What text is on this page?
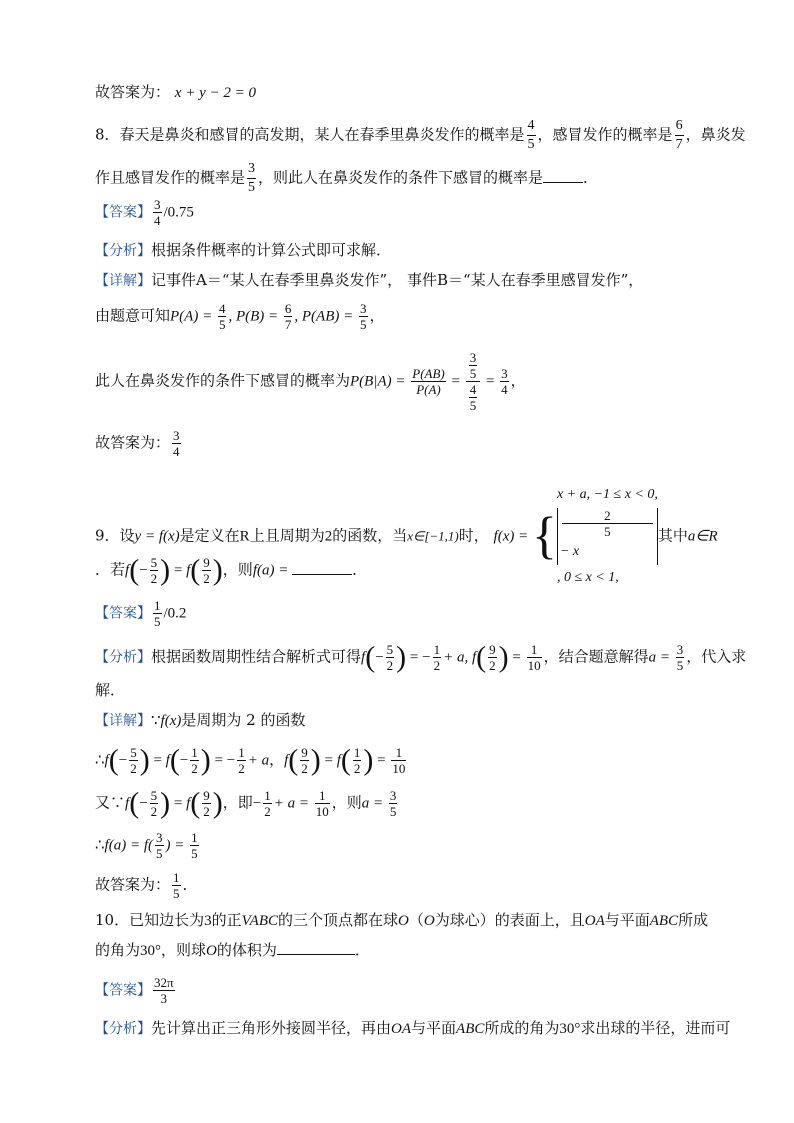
故答案为： x + y − 2 = 0
8．春天是鼻炎和感冒的高发期，某人在春季里鼻炎发作的概率是 $\frac{4}{5}$ ，感冒发作的概率是 $\frac{6}{7}$ ，鼻炎发
作且感冒发作的概率是 $\frac{3}{5}$ ，则此人在鼻炎发作的条件下感冒的概率是	．
【答案】 $\frac{3}{4} /0.75$
【分析】根据条件概率的计算公式即可求解．
【详解】记事件A＝“某人在春季里鼻炎发作”， 事件B＝“某人在春季里感冒发作”，
由题意可知$P(A) = \frac{4}{5}$ , $P(B) = \frac{6}{7}$ , $P(AB) = \frac{3}{5}$ ，
此人在鼻炎发作的条件下感冒的概率为$P(B|A) = \frac{P(AB)}{P(A)} = \frac{\frac{3}{5}}{\frac{4}{5}} = \frac{3}{4}$ ，
故答案为： $\frac{3}{4}$
9．设y = f(x)是定义在R上且周期为2的函数，当x∈[−1,1)时， f(x) = {
x + a, −1 ≤ x < 0,
2
5
− x
, 0 ≤ x < 1,
其中a∈R
．若$f(- \frac{5}{2}$ ) = $f( \frac{9}{2}$ )，则f(a) =	．
【答案】 $\frac{1}{5} /0.2$
【分析】根据函数周期性结合解析式可得$f(- \frac{5}{2}$ ) = − $\frac{1}{2} + a$, $f( \frac{9}{2}$ ) = $\frac{1}{10}$ ，结合题意解得$a = \frac{3}{5}$ ，代入求
解．
【详解】∵f(x)是周期为 2 的函数
∴f(− $\frac{5}{2}$ ) = $f(- \frac{1}{2}$ ) = − $\frac{1}{2} + a$，$f( \frac{9}{2}$ ) = $f( \frac{1}{2}$ ) = $\frac{1}{10}$
又∵f(− $\frac{5}{2}$ ) = $f( \frac{9}{2}$ )，即− $\frac{1}{2} + a = \frac{1}{10}$ ，则$a = \frac{3}{5}$
∴f(a) = $f( \frac{3}{5}$ ) = $\frac{1}{5}$
故答案为： $\frac{1}{5}$ ．
10．已知边长为3的正VABC的三个顶点都在球O（O为球心）的表面上，且OA与平面ABC所成
的角为30°，则球O的体积为	．
【答案】 $\frac{32\pi}{3}$
【分析】先计算出正三角形外接圆半径，再由OA与平面ABC所成的角为30°求出球的半径，进而可
